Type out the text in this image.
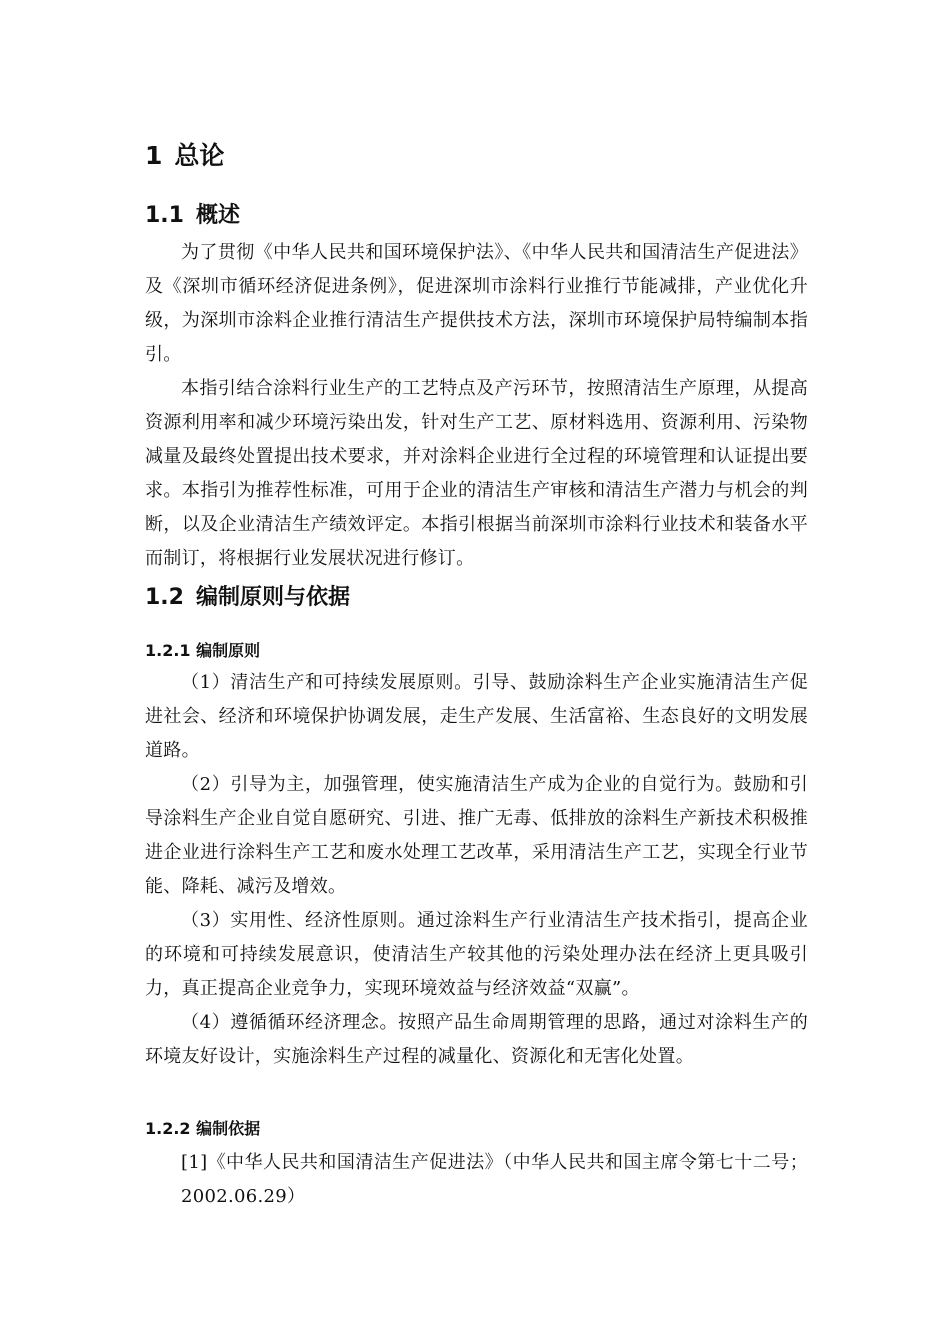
1 总论
1.1 概述

为了贯彻《中华人民共和国环境保护法》、《中华人民共和国清洁生产促进法》及《深圳市循环经济促进条例》，促进深圳市涂料行业推行节能减排，产业优化升级，为深圳市涂料企业推行清洁生产提供技术方法，深圳市环境保护局特编制本指引。

本指引结合涂料行业生产的工艺特点及产污环节，按照清洁生产原理，从提高资源利用率和减少环境污染出发，针对生产工艺、原材料选用、资源利用、污染物减量及最终处置提出技术要求，并对涂料企业进行全过程的环境管理和认证提出要求。本指引为推荐性标准，可用于企业的清洁生产审核和清洁生产潜力与机会的判断，以及企业清洁生产绩效评定。本指引根据当前深圳市涂料行业技术和装备水平而制订，将根据行业发展状况进行修订。

1.2 编制原则与依据
1.2.1 编制原则

（1）清洁生产和可持续发展原则。引导、鼓励涂料生产企业实施清洁生产促进社会、经济和环境保护协调发展，走生产发展、生活富裕、生态良好的文明发展道路。

（2）引导为主，加强管理，使实施清洁生产成为企业的自觉行为。鼓励和引导涂料生产企业自觉自愿研究、引进、推广无毒、低排放的涂料生产新技术积极推进企业进行涂料生产工艺和废水处理工艺改革，采用清洁生产工艺，实现全行业节能、降耗、减污及增效。

（3）实用性、经济性原则。通过涂料生产行业清洁生产技术指引，提高企业的环境和可持续发展意识，使清洁生产较其他的污染处理办法在经济上更具吸引力，真正提高企业竞争力，实现环境效益与经济效益“双赢”。

（4）遵循循环经济理念。按照产品生命周期管理的思路，通过对涂料生产的环境友好设计，实施涂料生产过程的减量化、资源化和无害化处置。

1.2.2 编制依据

[1]《中华人民共和国清洁生产促进法》（中华人民共和国主席令第七十二号；2002.06.29）
